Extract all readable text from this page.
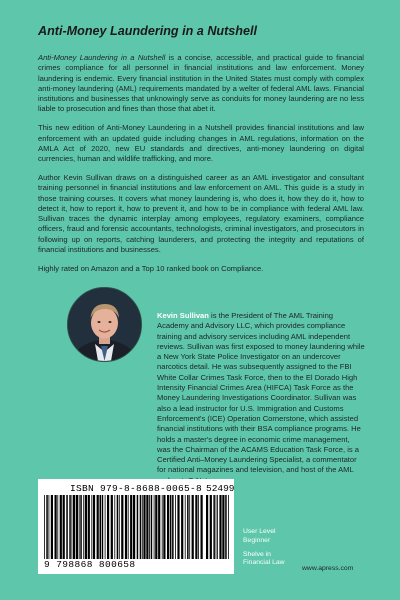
Anti-Money Laundering in a Nutshell

Anti-Money Laundering in a Nutshell is a concise, accessible, and practical guide to financial crimes compliance for all personnel in financial institutions and law enforcement. Money laundering is endemic. Every financial institution in the United States must comply with complex anti-money laundering (AML) requirements mandated by a welter of federal AML laws. Financial institutions and businesses that unknowingly serve as conduits for money laundering are no less liable to prosecution and fines than those that abet it.

This new edition of Anti-Money Laundering in a Nutshell provides financial institutions and law enforcement with an updated guide including changes in AML regulations, information on the AMLA Act of 2020, new EU standards and directives, anti-money laundering on digital currencies, human and wildlife trafficking, and more.

Author Kevin Sullivan draws on a distinguished career as an AML investigator and consultant training personnel in financial institutions and law enforcement on AML. This guide is a study in those training courses. It covers what money laundering is, who does it, how they do it, how to detect it, how to report it, how to prevent it, and how to be in compliance with federal AML law. Sullivan traces the dynamic interplay among employees, regulatory examiners, compliance officers, fraud and forensic accountants, technologists, criminal investigators, and prosecutors in following up on reports, catching launderers, and protecting the integrity and reputations of financial institutions and businesses.

Highly rated on Amazon and a Top 10 ranked book on Compliance.

Kevin Sullivan is the President of The AML Training Academy and Advisory LLC, which provides compliance training and advisory services including AML independent reviews. Sullivan was first exposed to money laundering while a New York State Police Investigator on an undercover narcotics detail. He was subsequently assigned to the FBI White Collar Crimes Task Force, then to the El Dorado High Intensity Financial Crimes Area (HIFCA) Task Force as the Money Laundering Investigations Coordinator. Sullivan was also a lead instructor for U.S. Immigration and Customs Enforcement's (ICE) Operation Cornerstone, which assisted financial institutions with their BSA compliance programs. He holds a master's degree in economic crime management, was the Chairman of the ACAMS Education Task Force, is a Certified Anti–Money Laundering Specialist, a commentator for national magazines and television, and host of the AML
ISBN 979-8-8688-0065-8
9 798868 800658
52499
User Level
Beginner
Shelve in
Financial Law
www.apress.com
